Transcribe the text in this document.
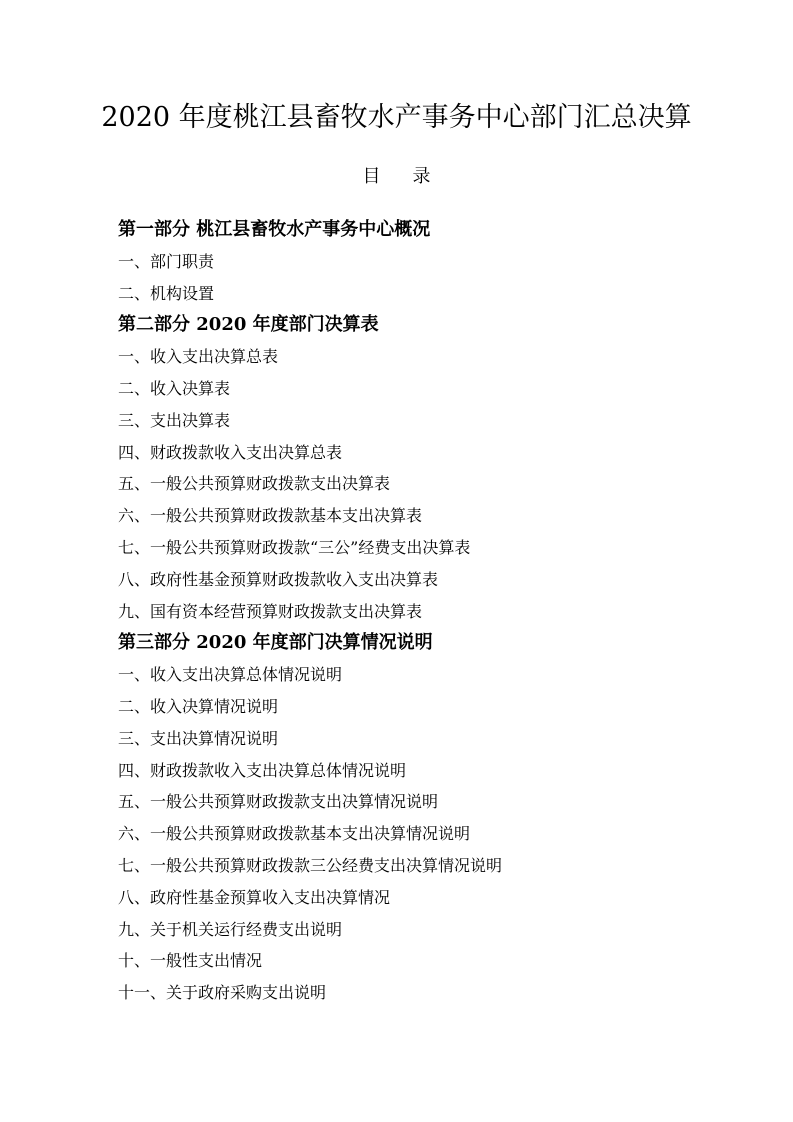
2020 年度桃江县畜牧水产事务中心部门汇总决算
目录
第一部分 桃江县畜牧水产事务中心概况
一、部门职责
二、机构设置
第二部分 2020 年度部门决算表
一、收入支出决算总表
二、收入决算表
三、支出决算表
四、财政拨款收入支出决算总表
五、一般公共预算财政拨款支出决算表
六、一般公共预算财政拨款基本支出决算表
七、一般公共预算财政拨款“三公”经费支出决算表
八、政府性基金预算财政拨款收入支出决算表
九、国有资本经营预算财政拨款支出决算表
第三部分 2020 年度部门决算情况说明
一、收入支出决算总体情况说明
二、收入决算情况说明
三、支出决算情况说明
四、财政拨款收入支出决算总体情况说明
五、一般公共预算财政拨款支出决算情况说明
六、一般公共预算财政拨款基本支出决算情况说明
七、一般公共预算财政拨款三公经费支出决算情况说明
八、政府性基金预算收入支出决算情况
九、关于机关运行经费支出说明
十、一般性支出情况
十一、关于政府采购支出说明
